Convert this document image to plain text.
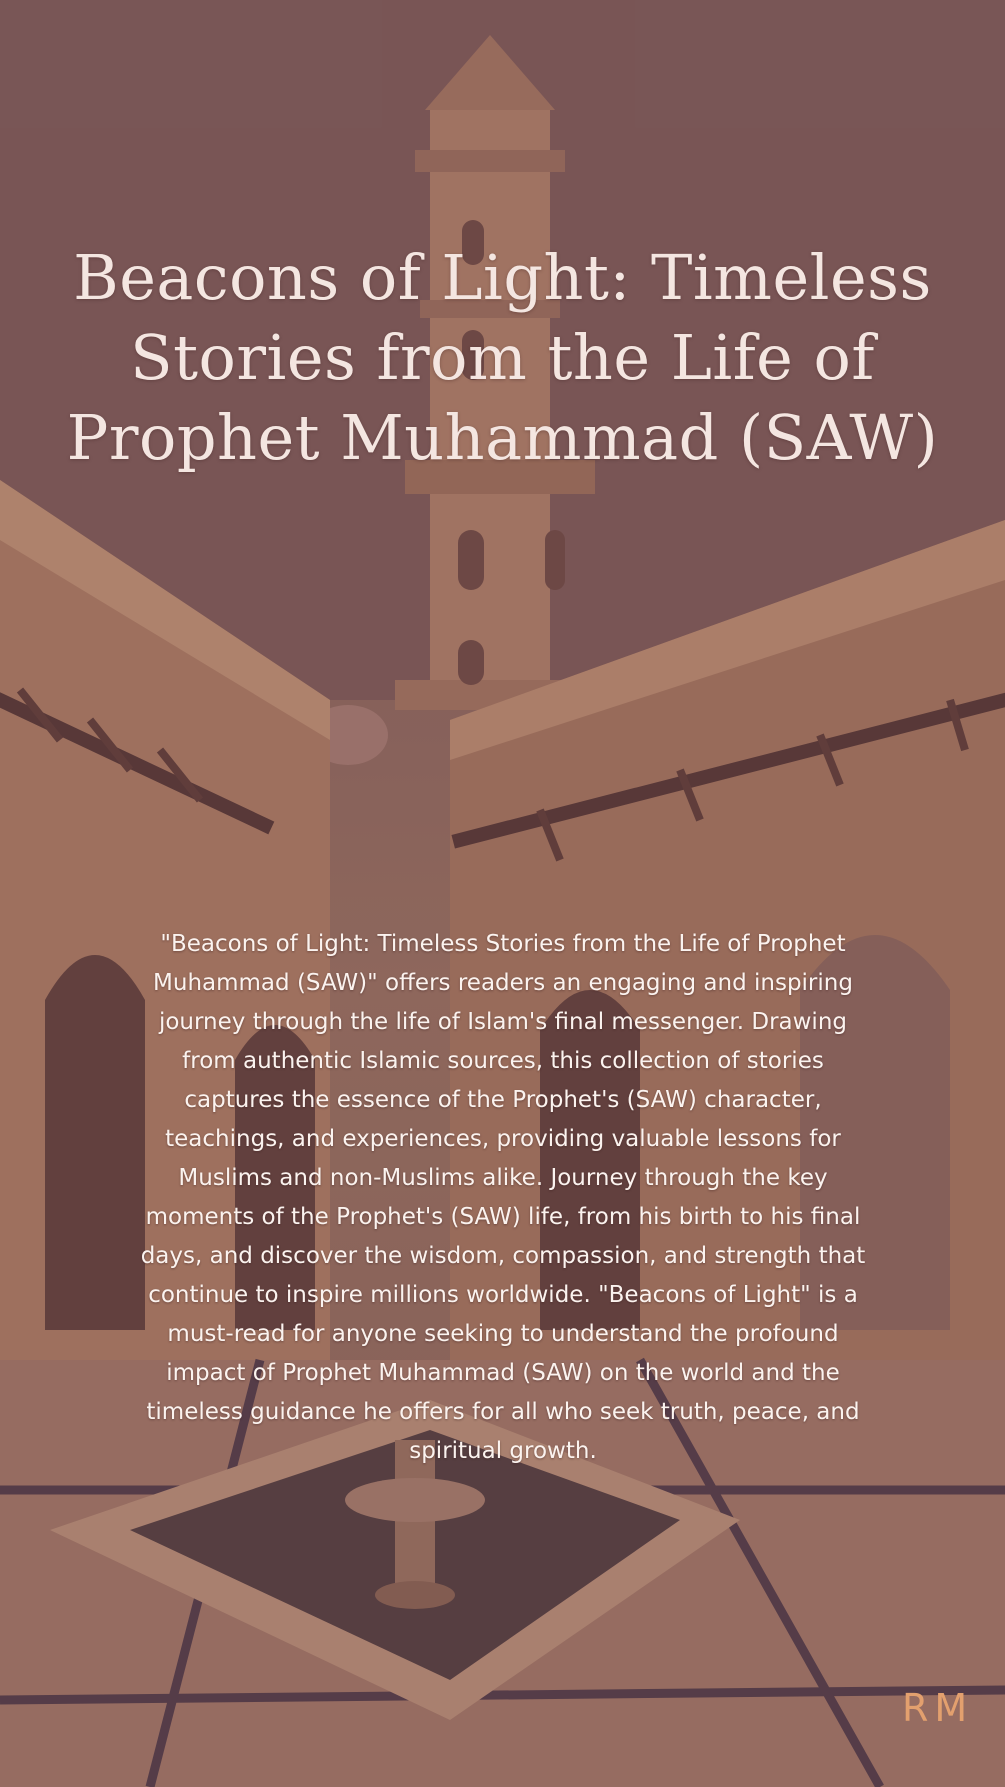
Beacons of Light: Timeless Stories from the Life of Prophet Muhammad (SAW)

"Beacons of Light: Timeless Stories from the Life of Prophet Muhammad (SAW)" offers readers an engaging and inspiring journey through the life of Islam's final messenger. Drawing from authentic Islamic sources, this collection of stories captures the essence of the Prophet's (SAW) character, teachings, and experiences, providing valuable lessons for Muslims and non-Muslims alike. Journey through the key moments of the Prophet's (SAW) life, from his birth to his final days, and discover the wisdom, compassion, and strength that continue to inspire millions worldwide. "Beacons of Light" is a must-read for anyone seeking to understand the profound impact of Prophet Muhammad (SAW) on the world and the timeless guidance he offers for all who seek truth, peace, and spiritual growth.

RM
